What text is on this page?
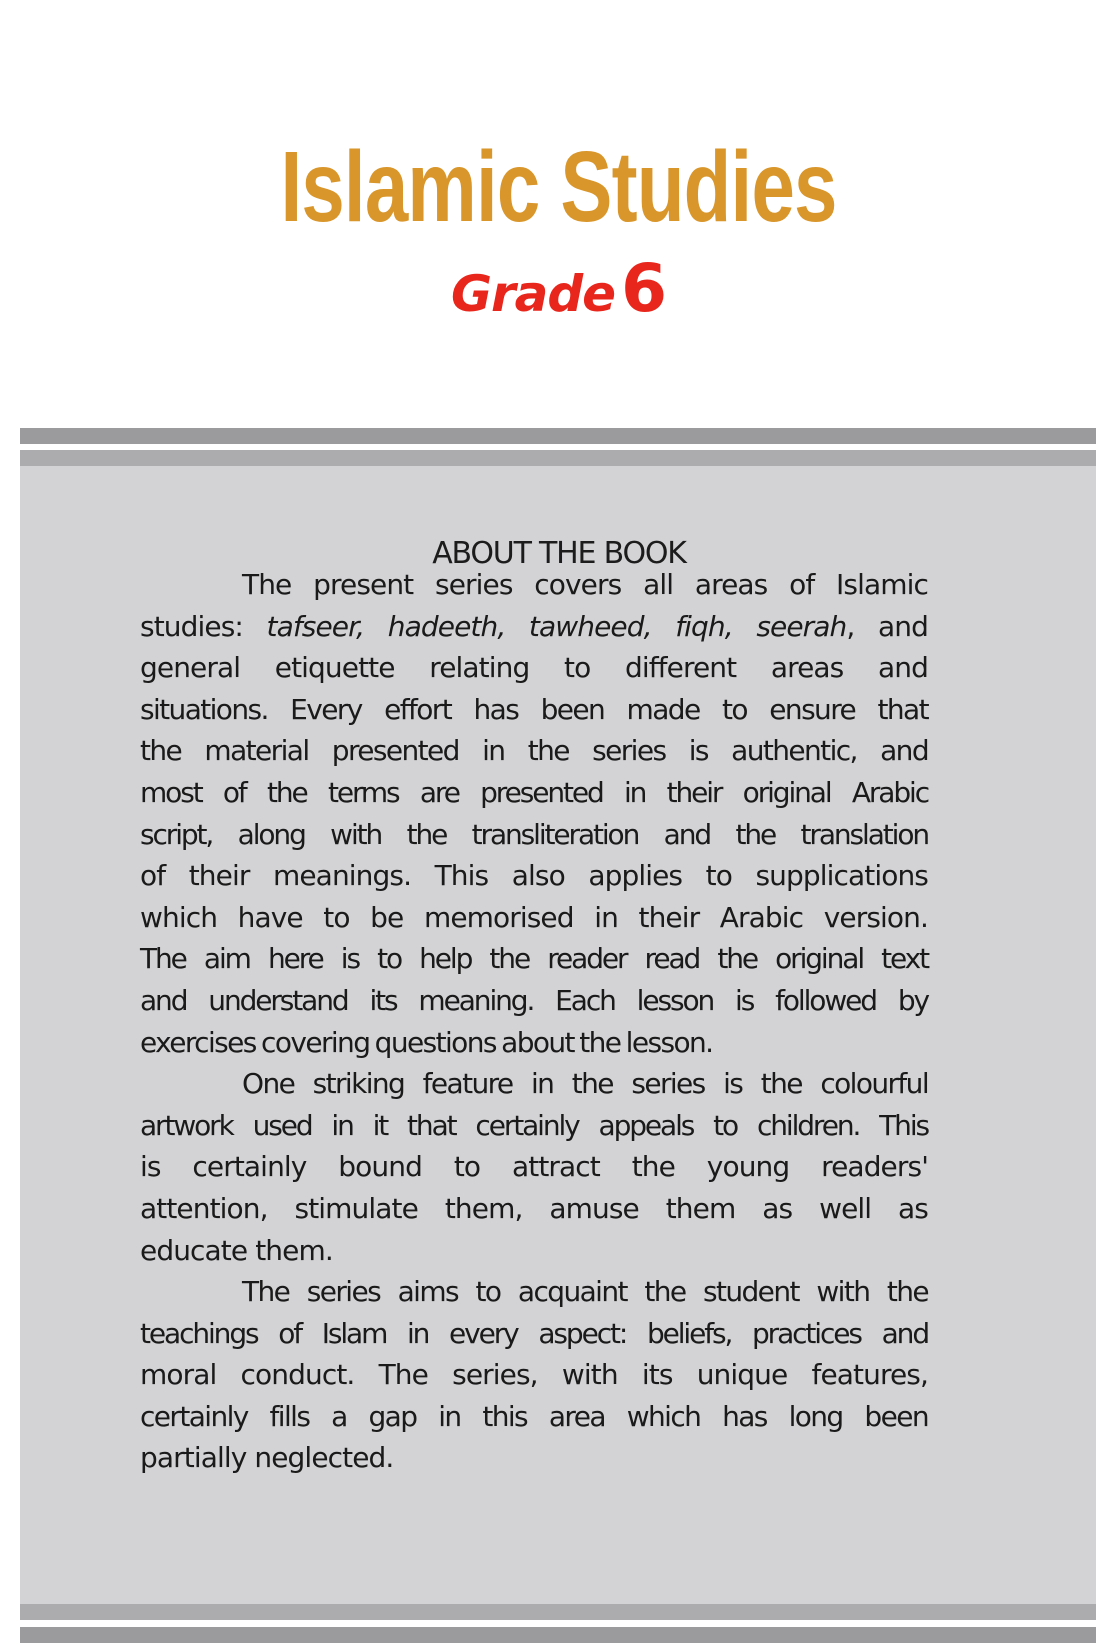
Islamic Studies
Grade6
ABOUT THE BOOK
The present series covers all areas of Islamic
studies: tafseer, hadeeth, tawheed, fiqh, seerah, and
general etiquette relating to different areas and
situations. Every effort has been made to ensure that
the material presented in the series is authentic, and
most of the terms are presented in their original Arabic
script, along with the transliteration and the translation
of their meanings. This also applies to supplications
which have to be memorised in their Arabic version.
The aim here is to help the reader read the original text
and understand its meaning. Each lesson is followed by
exercises covering questions about the lesson.
One striking feature in the series is the colourful
artwork used in it that certainly appeals to children. This
is certainly bound to attract the young readers'
attention, stimulate them, amuse them as well as
educate them.
The series aims to acquaint the student with the
teachings of Islam in every aspect: beliefs, practices and
moral conduct. The series, with its unique features,
certainly fills a gap in this area which has long been
partially neglected.
